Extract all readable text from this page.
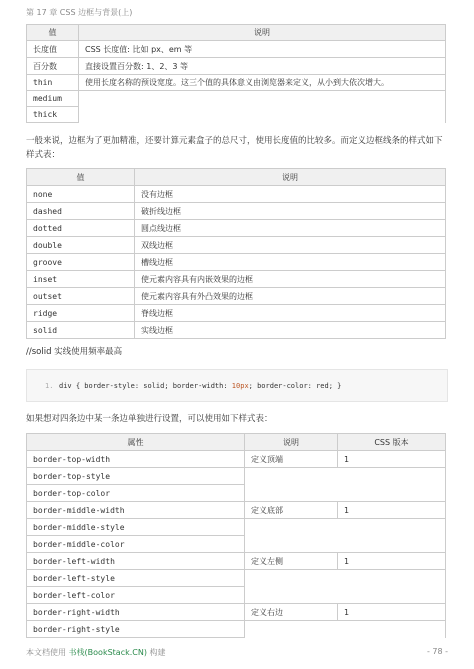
第 17 章 CSS 边框与背景(上)
值	说明
长度值	CSS 长度值: 比如 px、em 等
百分数	直接设置百分数: 1、2、3 等
thin	使用长度名称的预设宽度。这三个值的具体意义由浏览器来定义，从小到大依次增大。
medium	
thick	
一般来说，边框为了更加精准，还要计算元素盒子的总尺寸，使用长度值的比较多。而定义边框线条的样式如下样式表：
值	说明
none	没有边框
dashed	破折线边框
dotted	圆点线边框
double	双线边框
groove	槽线边框
inset	使元素内容具有内嵌效果的边框
outset	使元素内容具有外凸效果的边框
ridge	脊线边框
solid	实线边框
//solid 实线使用频率最高
1. div { border-style: solid; border-width: 10px; border-color: red; }
如果想对四条边中某一条边单独进行设置，可以使用如下样式表：
属性	说明	CSS 版本
border-top-width	定义顶端	1
border-top-style		
border-top-color		
border-middle-width	定义底部	1
border-middle-style		
border-middle-color		
border-left-width	定义左侧	1
border-left-style		
border-left-color		
border-right-width	定义右边	1
border-right-style		
本文档使用 书栈(BookStack.CN) 构建	- 78 -
